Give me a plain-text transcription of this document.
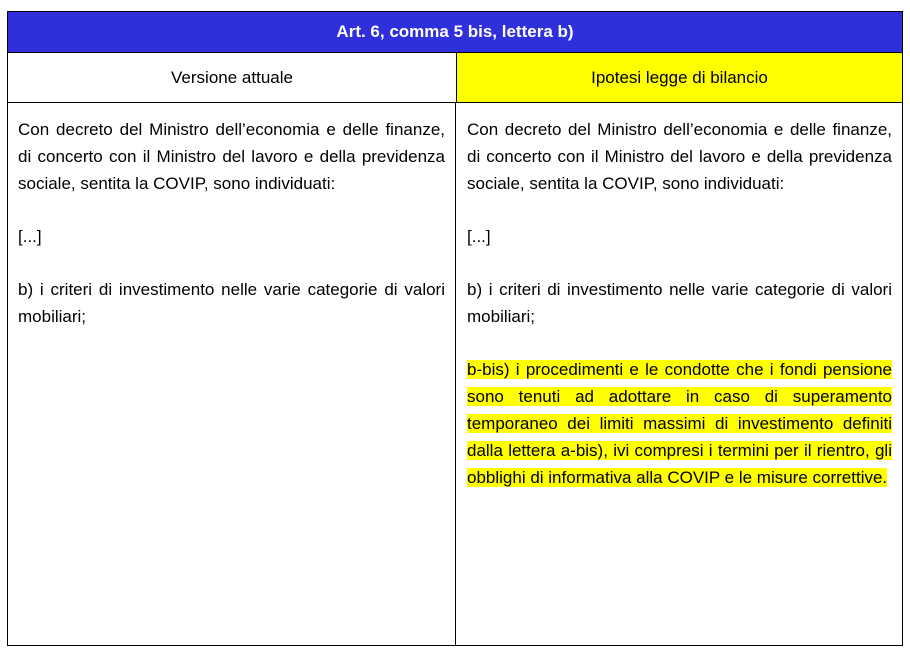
Art. 6, comma 5 bis, lettera b)
Versione attuale	Ipotesi legge di bilancio

Con decreto del Ministro dell’economia e delle finanze, di concerto con il Ministro del lavoro e della previdenza sociale, sentita la COVIP, sono individuati:

[...]

b) i criteri di investimento nelle varie categorie di valori mobiliari;

Con decreto del Ministro dell’economia e delle finanze, di concerto con il Ministro del lavoro e della previdenza sociale, sentita la COVIP, sono individuati:

[...]

b) i criteri di investimento nelle varie categorie di valori mobiliari;

b-bis) i procedimenti e le condotte che i fondi pensione sono tenuti ad adottare in caso di superamento temporaneo dei limiti massimi di investimento definiti dalla lettera a-bis), ivi compresi i termini per il rientro, gli obblighi di informativa alla COVIP e le misure correttive.
